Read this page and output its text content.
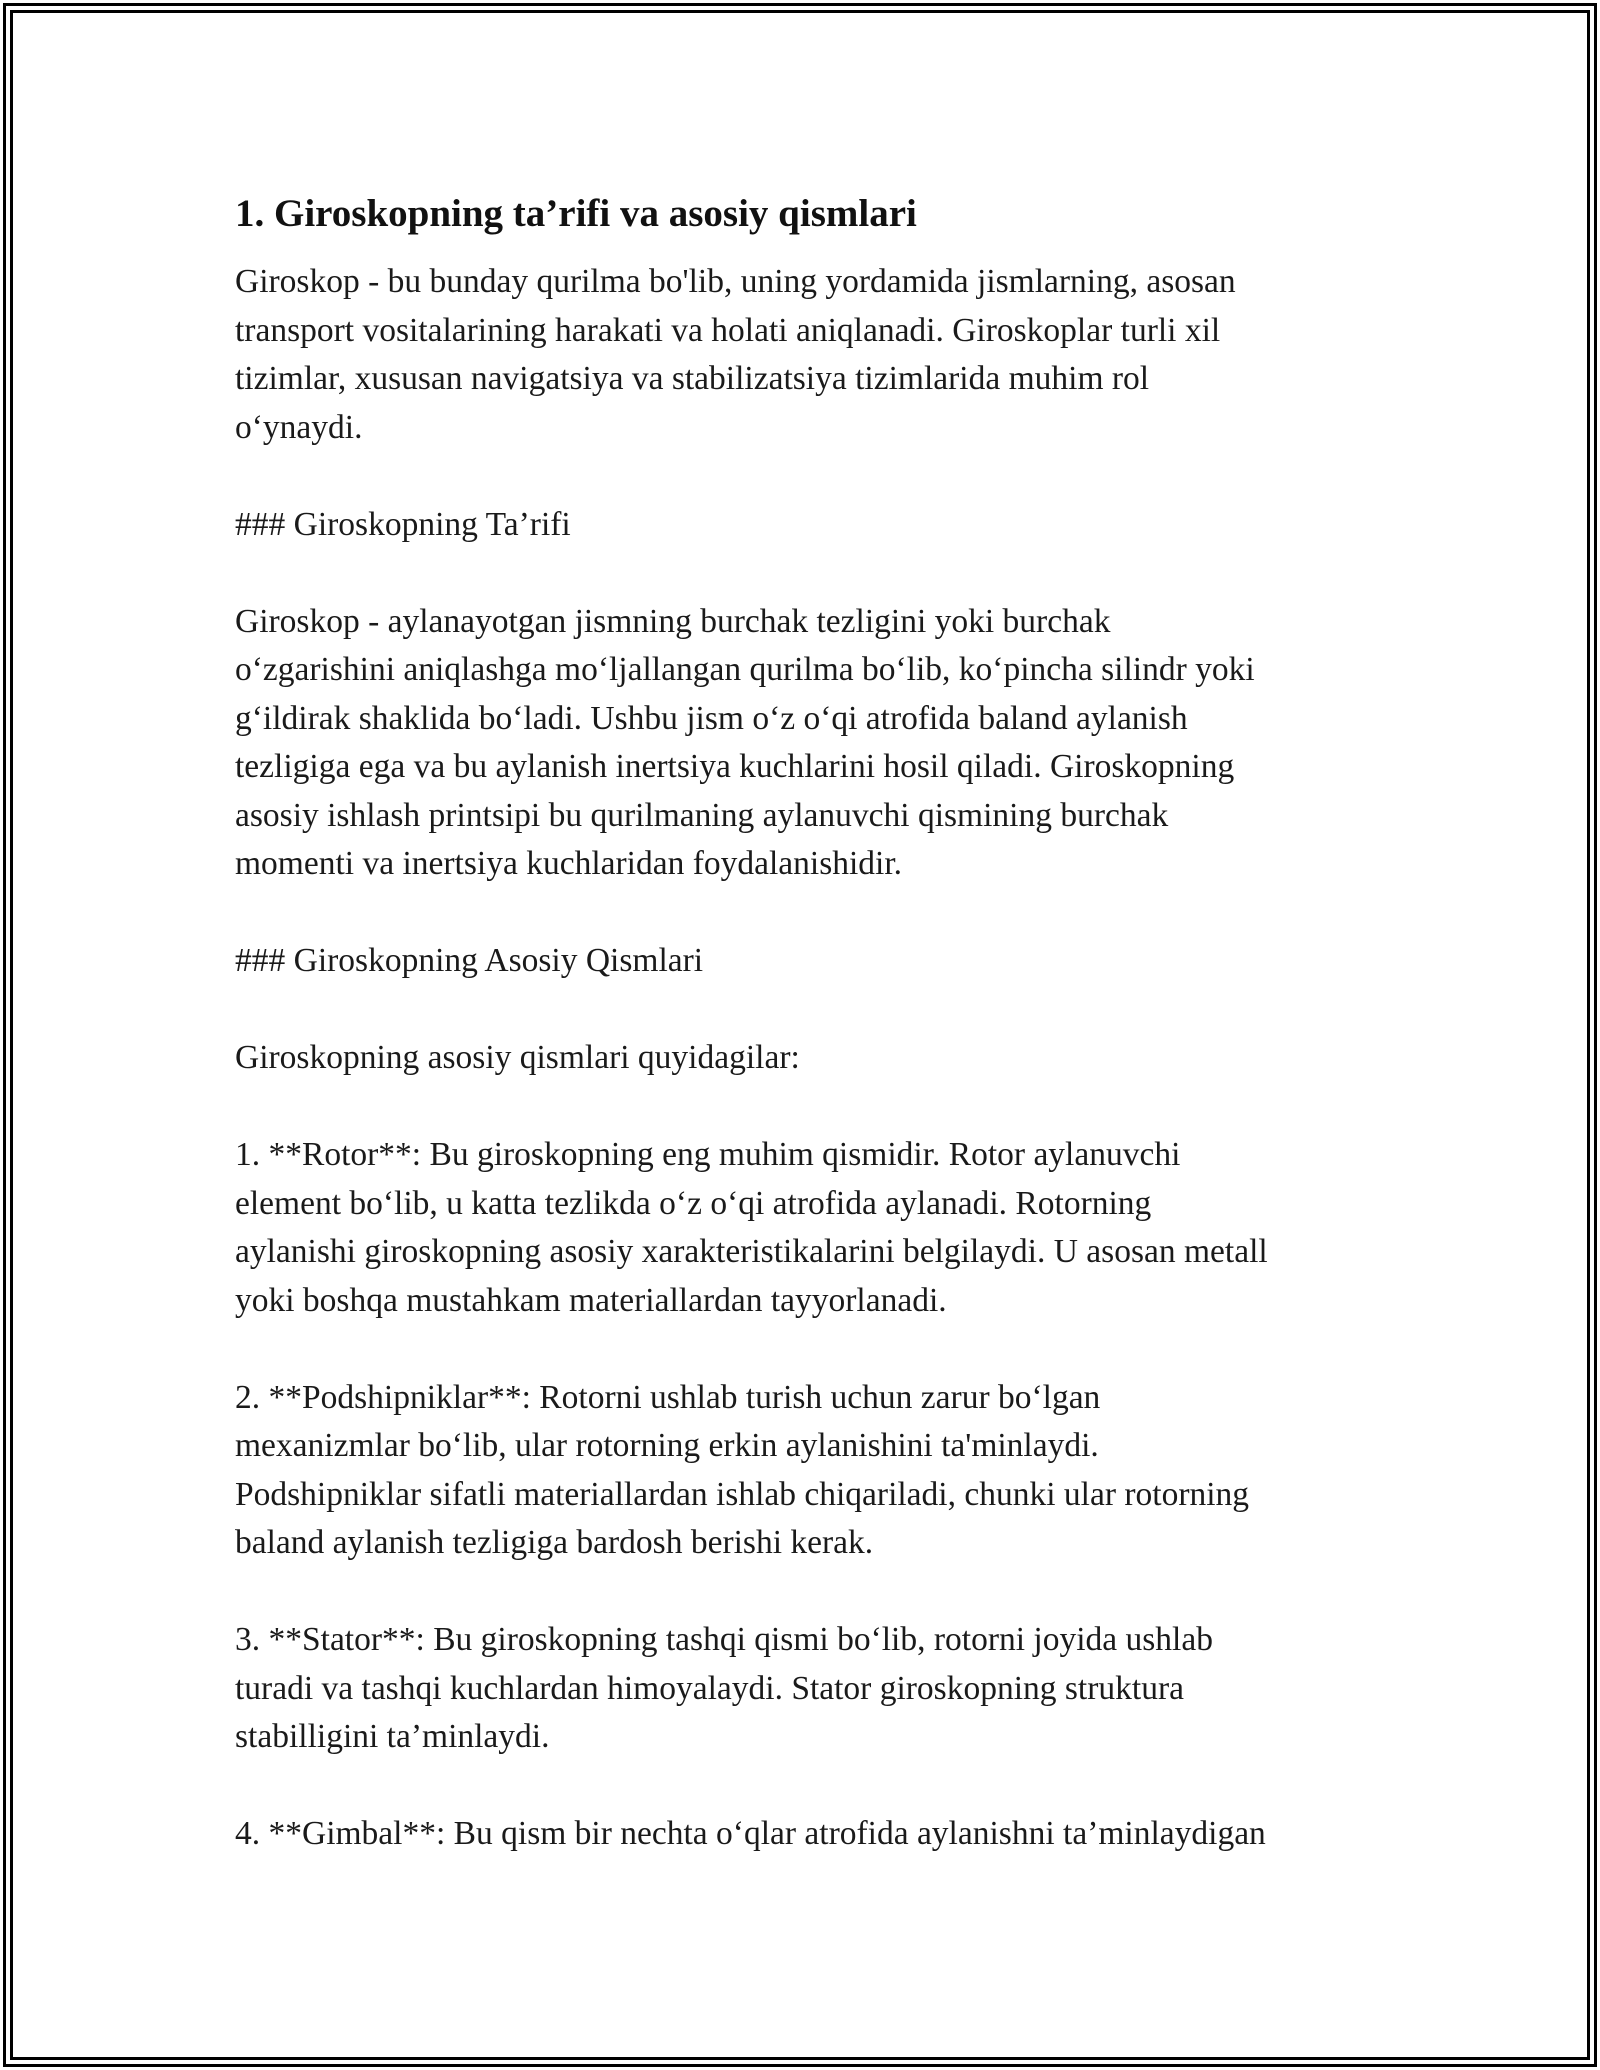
1. Giroskopning ta’rifi va asosiy qismlari

Giroskop - bu bunday qurilma bo'lib, uning yordamida jismlarning, asosan
transport vositalarining harakati va holati aniqlanadi. Giroskoplar turli xil
tizimlar, xususan navigatsiya va stabilizatsiya tizimlarida muhim rol
o‘ynaydi.

### Giroskopning Ta’rifi

Giroskop - aylanayotgan jismning burchak tezligini yoki burchak
o‘zgarishini aniqlashga mo‘ljallangan qurilma bo‘lib, ko‘pincha silindr yoki
g‘ildirak shaklida bo‘ladi. Ushbu jism o‘z o‘qi atrofida baland aylanish
tezligiga ega va bu aylanish inertsiya kuchlarini hosil qiladi. Giroskopning
asosiy ishlash printsipi bu qurilmaning aylanuvchi qismining burchak
momenti va inertsiya kuchlaridan foydalanishidir.

### Giroskopning Asosiy Qismlari

Giroskopning asosiy qismlari quyidagilar:

1. **Rotor**: Bu giroskopning eng muhim qismidir. Rotor aylanuvchi
element bo‘lib, u katta tezlikda o‘z o‘qi atrofida aylanadi. Rotorning
aylanishi giroskopning asosiy xarakteristikalarini belgilaydi. U asosan metall
yoki boshqa mustahkam materiallardan tayyorlanadi.

2. **Podshipniklar**: Rotorni ushlab turish uchun zarur bo‘lgan
mexanizmlar bo‘lib, ular rotorning erkin aylanishini ta'minlaydi.
Podshipniklar sifatli materiallardan ishlab chiqariladi, chunki ular rotorning
baland aylanish tezligiga bardosh berishi kerak.

3. **Stator**: Bu giroskopning tashqi qismi bo‘lib, rotorni joyida ushlab
turadi va tashqi kuchlardan himoyalaydi. Stator giroskopning struktura
stabilligini ta’minlaydi.

4. **Gimbal**: Bu qism bir nechta o‘qlar atrofida aylanishni ta’minlaydigan
